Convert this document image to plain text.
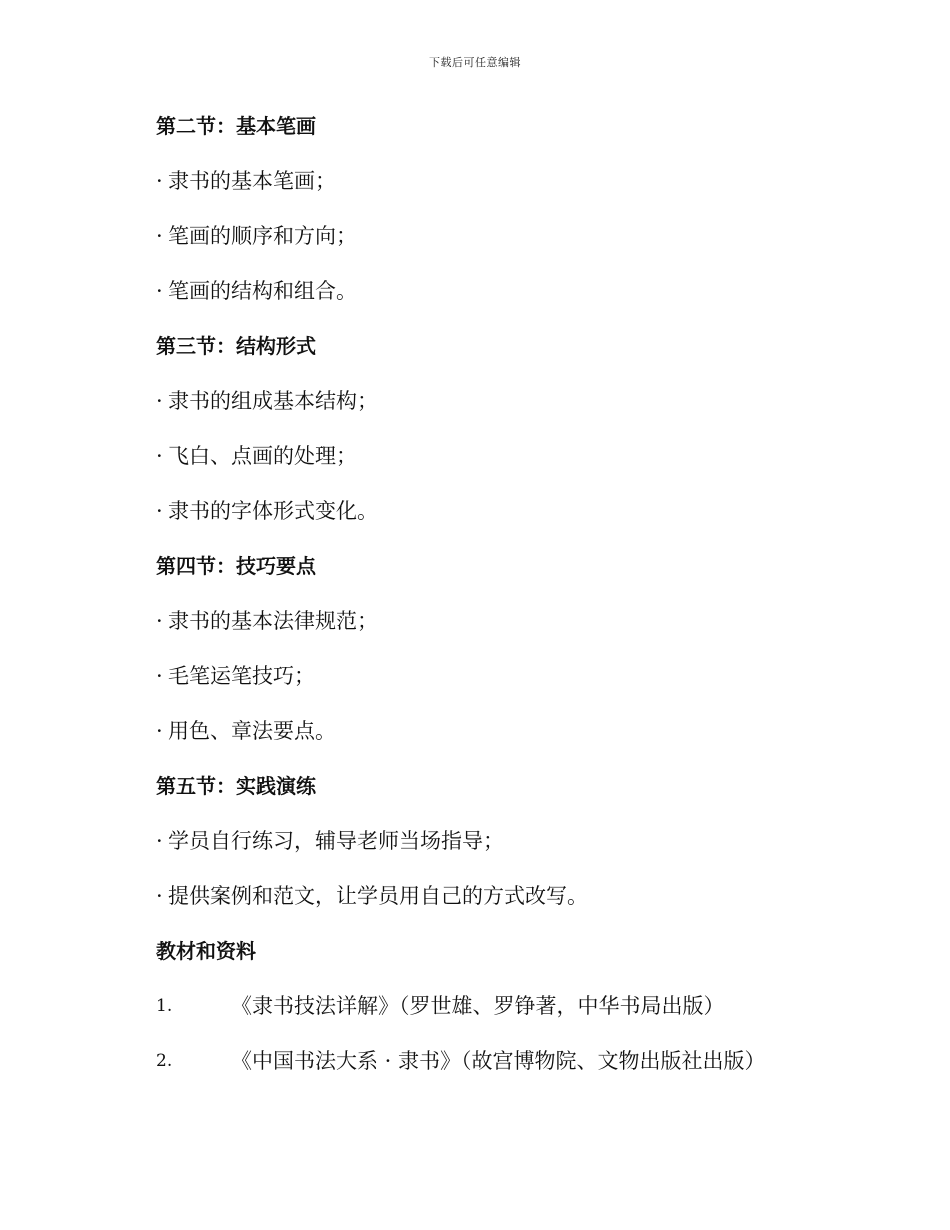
下载后可任意编辑
第二节：基本笔画
· 隶书的基本笔画；
· 笔画的顺序和方向；
· 笔画的结构和组合。
第三节：结构形式
· 隶书的组成基本结构；
· 飞白、点画的处理；
· 隶书的字体形式变化。
第四节：技巧要点
· 隶书的基本法律规范；
· 毛笔运笔技巧；
· 用色、章法要点。
第五节：实践演练
· 学员自行练习，辅导老师当场指导；
· 提供案例和范文，让学员用自己的方式改写。
教材和资料
1.	《隶书技法详解》（罗世雄、罗铮著，中华书局出版）
2.	《中国书法大系 · 隶书》（故宫博物院、文物出版社出版）
